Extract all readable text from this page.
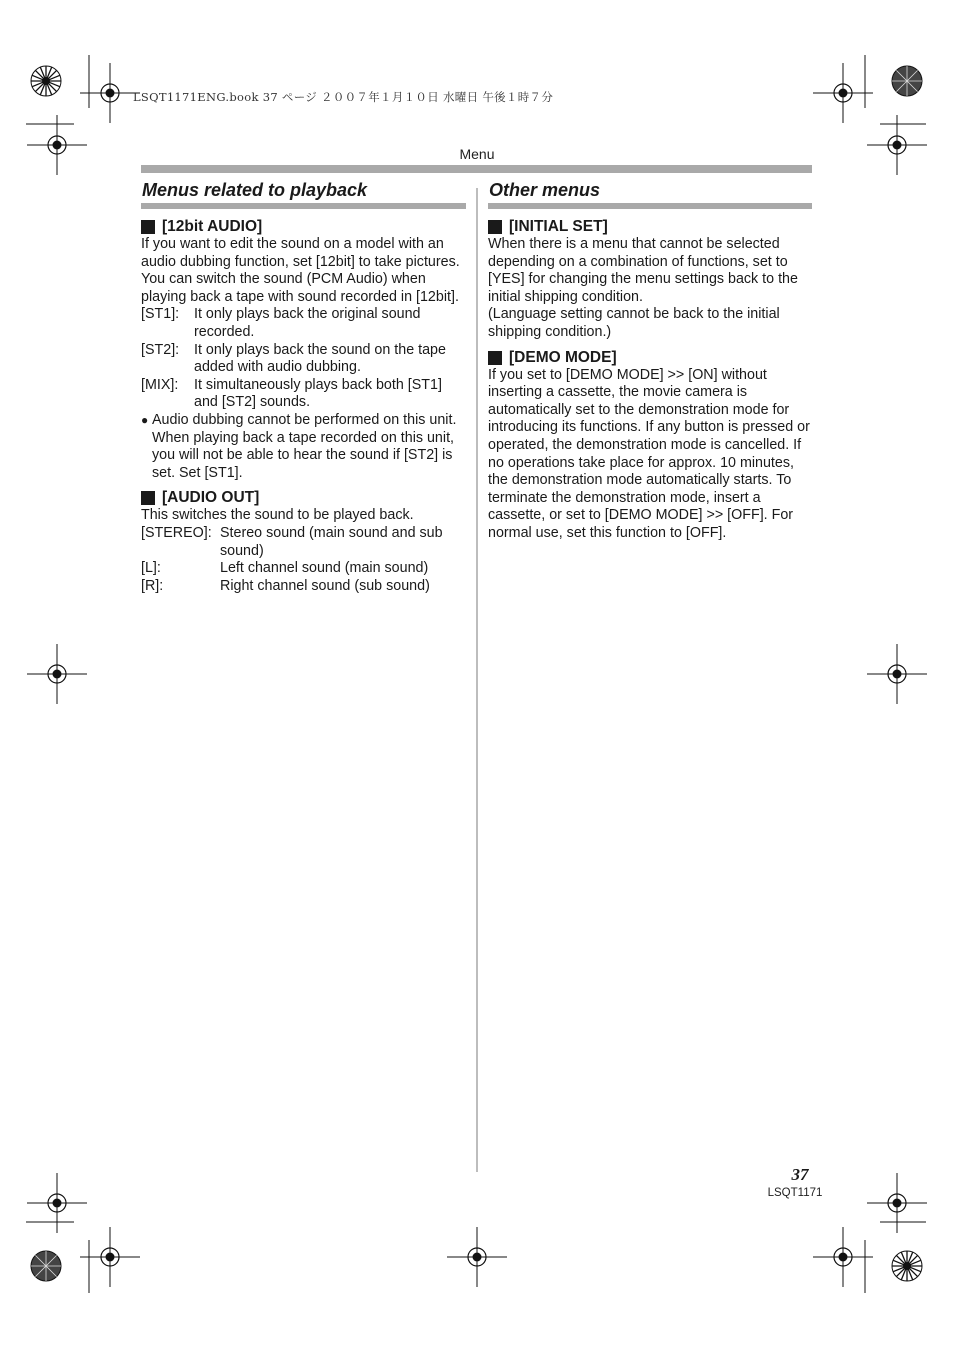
LSQT1171ENG.book 37 ページ ２００７年１月１０日 水曜日 午後１時７分
Menu
Menus related to playback
[12bit AUDIO]

If you want to edit the sound on a model with an audio dubbing function, set [12bit] to take pictures.

You can switch the sound (PCM Audio) when playing back a tape with sound recorded in [12bit].

[ST1]:	It only plays back the original sound recorded.
[ST2]:	It only plays back the sound on the tape added with audio dubbing.
[MIX]:	It simultaneously plays back both [ST1] and [ST2] sounds.
● Audio dubbing cannot be performed on this unit. When playing back a tape recorded on this unit, you will not be able to hear the sound if [ST2] is set. Set [ST1].
[AUDIO OUT]

This switches the sound to be played back.

[STEREO]: Stereo sound (main sound and sub sound)
[L]:	Left channel sound (main sound)
[R]:	Right channel sound (sub sound)
Other menus
[INITIAL SET]

When there is a menu that cannot be selected depending on a combination of functions, set to [YES] for changing the menu settings back to the initial shipping condition.

(Language setting cannot be back to the initial shipping condition.)

[DEMO MODE]

If you set to [DEMO MODE] >> [ON] without inserting a cassette, the movie camera is automatically set to the demonstration mode for introducing its functions. If any button is pressed or operated, the demonstration mode is cancelled. If no operations take place for approx. 10 minutes, the demonstration mode automatically starts. To terminate the demonstration mode, insert a cassette, or set to [DEMO MODE] >> [OFF]. For normal use, set this function to [OFF].

37
LSQT1171
